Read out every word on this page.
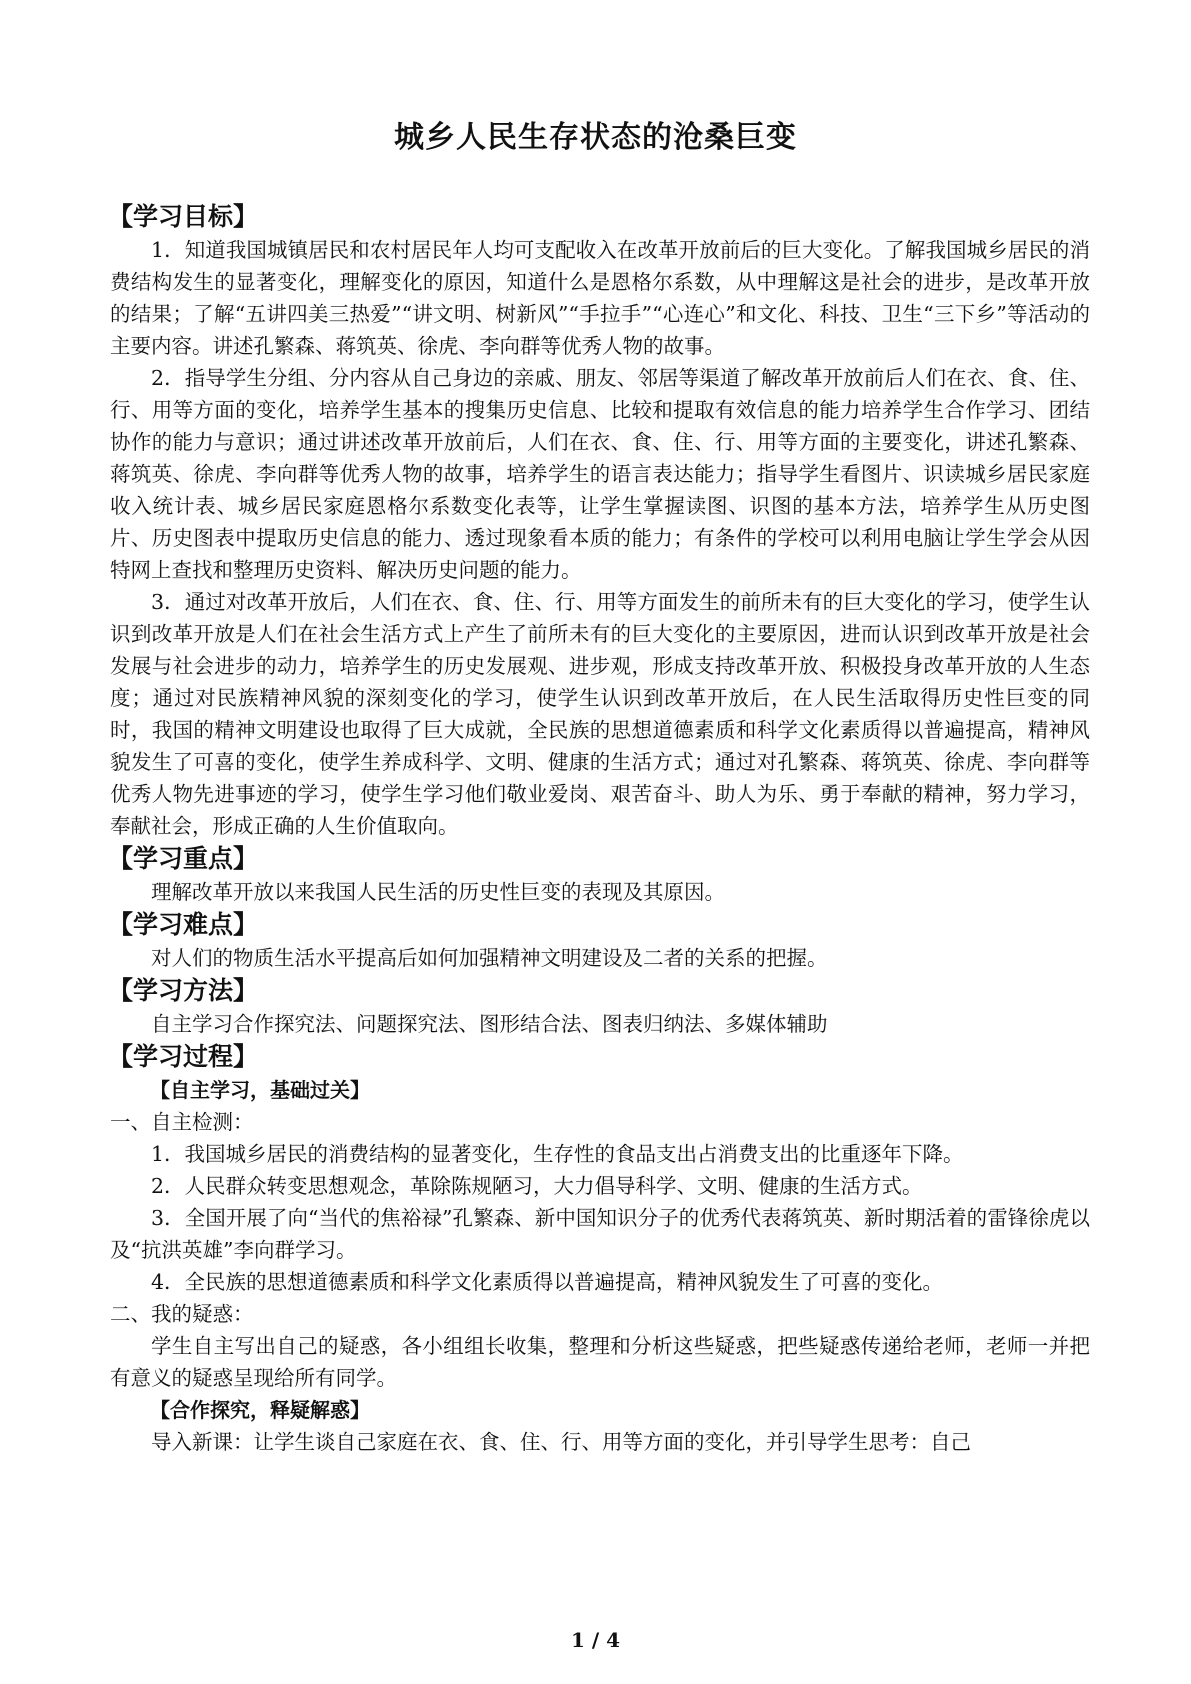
城乡人民生存状态的沧桑巨变
【学习目标】

1．知道我国城镇居民和农村居民年人均可支配收入在改革开放前后的巨大变化。了解我国城乡居民的消费结构发生的显著变化，理解变化的原因，知道什么是恩格尔系数，从中理解这是社会的进步，是改革开放的结果；了解“五讲四美三热爱”“讲文明、树新风”“手拉手”“心连心”和文化、科技、卫生“三下乡”等活动的主要内容。讲述孔繁森、蒋筑英、徐虎、李向群等优秀人物的故事。

2．指导学生分组、分内容从自己身边的亲戚、朋友、邻居等渠道了解改革开放前后人们在衣、食、住、行、用等方面的变化，培养学生基本的搜集历史信息、比较和提取有效信息的能力培养学生合作学习、团结协作的能力与意识；通过讲述改革开放前后，人们在衣、食、住、行、用等方面的主要变化，讲述孔繁森、蒋筑英、徐虎、李向群等优秀人物的故事，培养学生的语言表达能力；指导学生看图片、识读城乡居民家庭收入统计表、城乡居民家庭恩格尔系数变化表等，让学生掌握读图、识图的基本方法，培养学生从历史图片、历史图表中提取历史信息的能力、透过现象看本质的能力；有条件的学校可以利用电脑让学生学会从因特网上查找和整理历史资料、解决历史问题的能力。

3．通过对改革开放后，人们在衣、食、住、行、用等方面发生的前所未有的巨大变化的学习，使学生认识到改革开放是人们在社会生活方式上产生了前所未有的巨大变化的主要原因，进而认识到改革开放是社会发展与社会进步的动力，培养学生的历史发展观、进步观，形成支持改革开放、积极投身改革开放的人生态度；通过对民族精神风貌的深刻变化的学习，使学生认识到改革开放后，在人民生活取得历史性巨变的同时，我国的精神文明建设也取得了巨大成就，全民族的思想道德素质和科学文化素质得以普遍提高，精神风貌发生了可喜的变化，使学生养成科学、文明、健康的生活方式；通过对孔繁森、蒋筑英、徐虎、李向群等优秀人物先进事迹的学习，使学生学习他们敬业爱岗、艰苦奋斗、助人为乐、勇于奉献的精神，努力学习，奉献社会，形成正确的人生价值取向。

【学习重点】

理解改革开放以来我国人民生活的历史性巨变的表现及其原因。

【学习难点】

对人们的物质生活水平提高后如何加强精神文明建设及二者的关系的把握。

【学习方法】

自主学习合作探究法、问题探究法、图形结合法、图表归纳法、多媒体辅助

【学习过程】
【自主学习，基础过关】

一、自主检测：

1．我国城乡居民的消费结构的显著变化，生存性的食品支出占消费支出的比重逐年下降。

2．人民群众转变思想观念，革除陈规陋习，大力倡导科学、文明、健康的生活方式。

3．全国开展了向“当代的焦裕禄”孔繁森、新中国知识分子的优秀代表蒋筑英、新时期活着的雷锋徐虎以及“抗洪英雄”李向群学习。

4．全民族的思想道德素质和科学文化素质得以普遍提高，精神风貌发生了可喜的变化。

二、我的疑惑：

学生自主写出自己的疑惑，各小组组长收集，整理和分析这些疑惑，把些疑惑传递给老师，老师一并把有意义的疑惑呈现给所有同学。

【合作探究，释疑解惑】

导入新课：让学生谈自己家庭在衣、食、住、行、用等方面的变化，并引导学生思考：自己

1 / 4
